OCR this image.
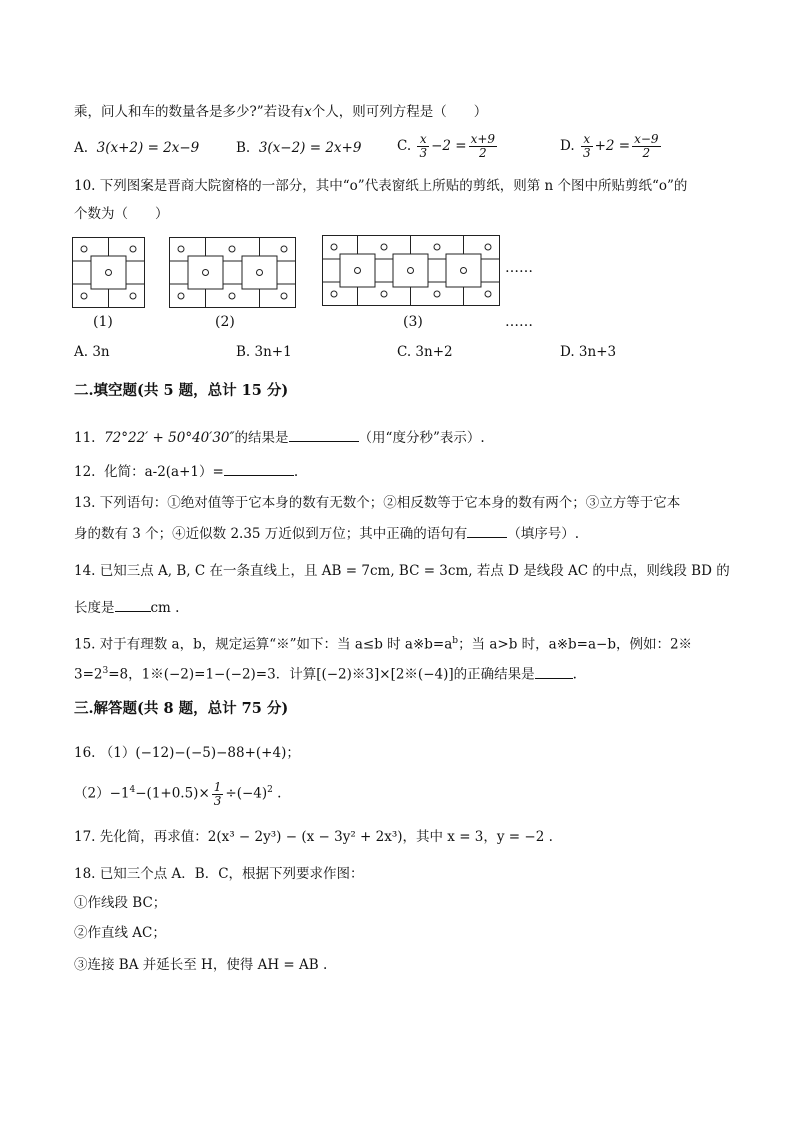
乘，问人和车的数量各是多少?”若设有x个人，则可列方程是（　　）
A. 3(x+2) = 2x−9	B. 3(x−2) = 2x+9	C. $\frac{x}{3} -2 = \frac{x+9}{2}$	D. $\frac{x}{3} +2 = \frac{x-9}{2}$
10. 下列图案是晋商大院窗格的一部分，其中“o”代表窗纸上所贴的剪纸，则第 n 个图中所贴剪纸“o”的
个数为（　　）
……
(1)	(2)	(3)	……
A. 3n	B. 3n+1	C. 3n+2	D. 3n+3
二.填空题(共 5 题，总计 15 分)
11. 72°22′ + 50°40′30″的结果是	（用“度分秒”表示）.
12. 化简：a-2(a+1）=	.
13. 下列语句：①绝对值等于它本身的数有无数个；②相反数等于它本身的数有两个；③立方等于它本
身的数有 3 个；④近似数 2.35 万近似到万位；其中正确的语句有	（填序号）.
14. 已知三点 A, B, C 在一条直线上，且 AB = 7cm, BC = 3cm, 若点 D 是线段 AC 的中点，则线段 BD 的
长度是	cm .
15. 对于有理数 a，b，规定运算“※”如下：当 a≤b 时 $a※b=a^b$；当 a>b 时，a※b=a−b，例如：2※
$3=2^3=8$，1※(−2)=1−(−2)=3．计算[(−2)※3]×[2※(−4)]的正确结果是	.
三.解答题(共 8 题，总计 75 分)
16. （1）(−12)−(−5)−88+(+4)；
$(2)-1^4-(1+0.5)\times \frac{1}{3} \div(-4)^2$ .
17. 先化简，再求值：2(x³ − 2y³) − (x − 3y² + 2x³)，其中 x = 3，y = −2 .
18. 已知三个点 A．B．C，根据下列要求作图：
①作线段 BC；
②作直线 AC；
③连接 BA 并延长至 H，使得 AH = AB .
